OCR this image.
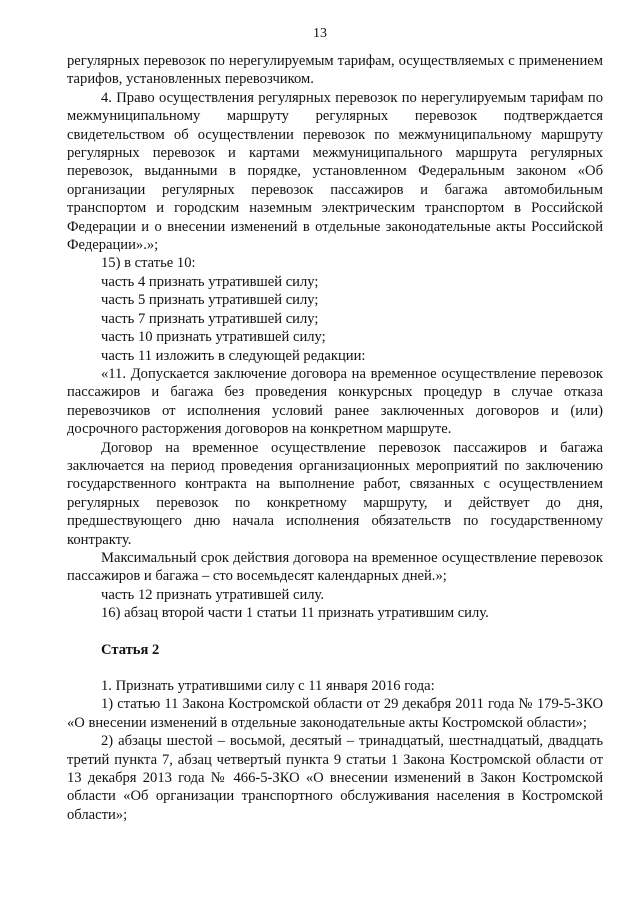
13

регулярных перевозок по нерегулируемым тарифам, осуществляемых с применением тарифов, установленных перевозчиком.

4. Право осуществления регулярных перевозок по нерегулируемым тарифам по межмуниципальному маршруту регулярных перевозок подтверждается свидетельством об осуществлении перевозок по межмуниципальному маршруту регулярных перевозок и картами межмуниципального маршрута регулярных перевозок, выданными в порядке, установленном Федеральным законом «Об организации регулярных перевозок пассажиров и багажа автомобильным транспортом и городским наземным электрическим транспортом в Российской Федерации и о внесении изменений в отдельные законодательные акты Российской Федерации».»;

15) в статье 10:

часть 4 признать утратившей силу;

часть 5 признать утратившей силу;

часть 7 признать утратившей силу;

часть 10 признать утратившей силу;

часть 11 изложить в следующей редакции:

«11. Допускается заключение договора на временное осуществление перевозок пассажиров и багажа без проведения конкурсных процедур в случае отказа перевозчиков от исполнения условий ранее заключенных договоров и (или) досрочного расторжения договоров на конкретном маршруте.

Договор на временное осуществление перевозок пассажиров и багажа заключается на период проведения организационных мероприятий по заключению государственного контракта на выполнение работ, связанных с осуществлением регулярных перевозок по конкретному маршруту, и действует до дня, предшествующего дню начала исполнения обязательств по государственному контракту.

Максимальный срок действия договора на временное осуществление перевозок пассажиров и багажа – сто восемьдесят календарных дней.»;

часть 12 признать утратившей силу.

16) абзац второй части 1 статьи 11 признать утратившим силу.

Статья 2

1. Признать утратившими силу с 11 января 2016 года:

1) статью 11 Закона Костромской области от 29 декабря 2011 года № 179-5-ЗКО «О внесении изменений в отдельные законодательные акты Костромской области»;

2) абзацы шестой – восьмой, десятый – тринадцатый, шестнадцатый, двадцать третий пункта 7, абзац четвертый пункта 9 статьи 1 Закона Костромской области от 13 декабря 2013 года № 466-5-ЗКО «О внесении изменений в Закон Костромской области «Об организации транспортного обслуживания населения в Костромской области»;
